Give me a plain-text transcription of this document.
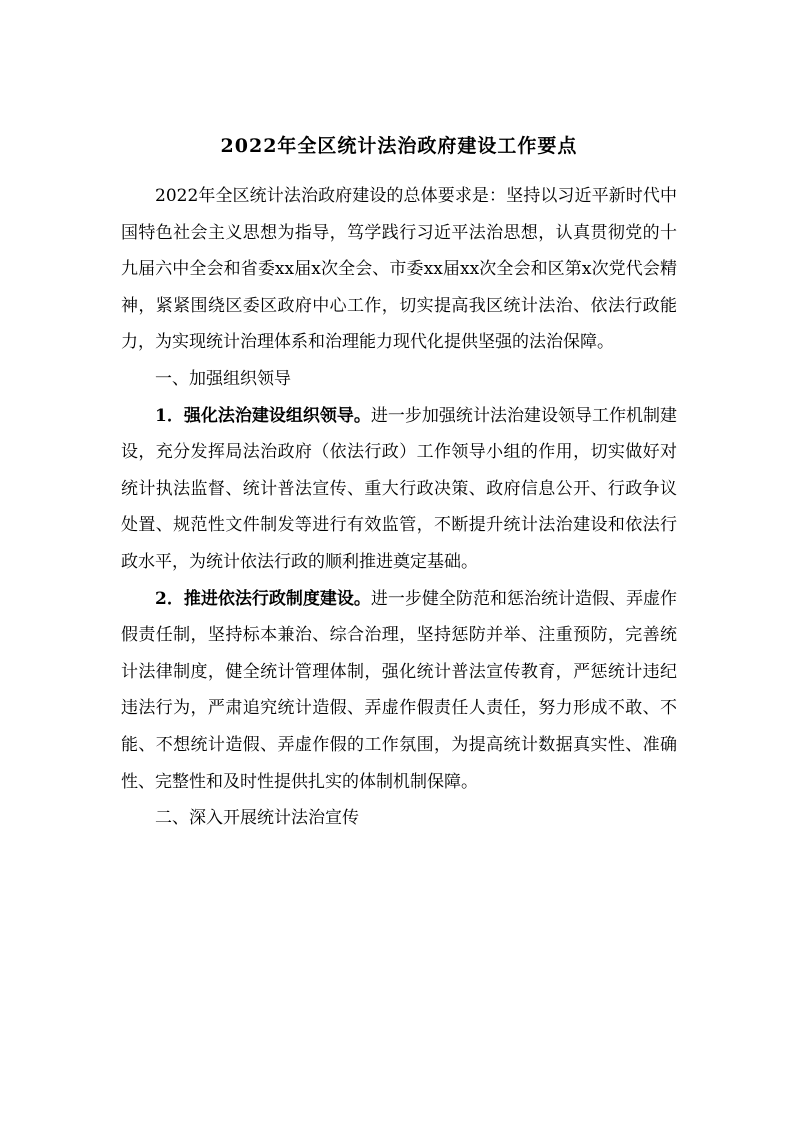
2022年全区统计法治政府建设工作要点

2022年全区统计法治政府建设的总体要求是：坚持以习近平新时代中国特色社会主义思想为指导，笃学践行习近平法治思想，认真贯彻党的十九届六中全会和省委xx届x次全会、市委xx届xx次全会和区第x次党代会精神，紧紧围绕区委区政府中心工作，切实提高我区统计法治、依法行政能力，为实现统计治理体系和治理能力现代化提供坚强的法治保障。

一、加强组织领导

1．强化法治建设组织领导。进一步加强统计法治建设领导工作机制建设，充分发挥局法治政府（依法行政）工作领导小组的作用，切实做好对统计执法监督、统计普法宣传、重大行政决策、政府信息公开、行政争议处置、规范性文件制发等进行有效监管，不断提升统计法治建设和依法行政水平，为统计依法行政的顺利推进奠定基础。

2．推进依法行政制度建设。进一步健全防范和惩治统计造假、弄虚作假责任制，坚持标本兼治、综合治理，坚持惩防并举、注重预防，完善统计法律制度，健全统计管理体制，强化统计普法宣传教育，严惩统计违纪违法行为，严肃追究统计造假、弄虚作假责任人责任，努力形成不敢、不能、不想统计造假、弄虚作假的工作氛围，为提高统计数据真实性、准确性、完整性和及时性提供扎实的体制机制保障。

二、深入开展统计法治宣传
